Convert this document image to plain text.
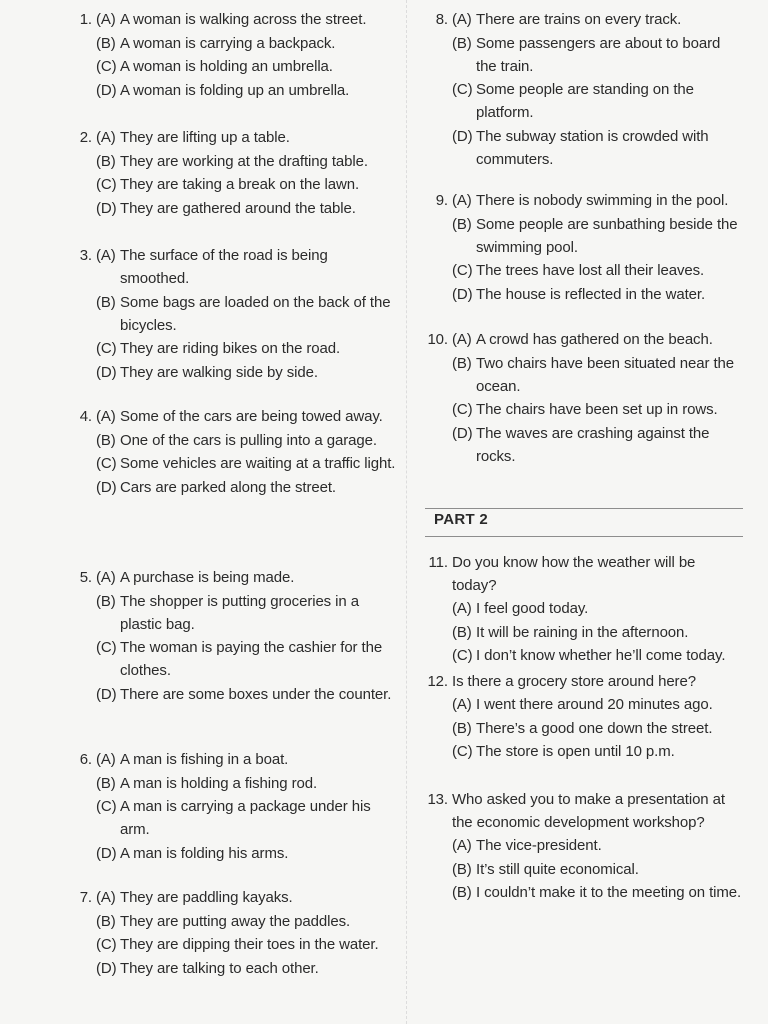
(A) A woman is walking across the street.
1.
(B) A woman is carrying a backpack.
(C) A woman is holding an umbrella.
(D) A woman is folding up an umbrella.
(A) They are lifting up a table.
2.
(B) They are working at the drafting table.
(C) They are taking a break on the lawn.
(D) They are gathered around the table.
(A) The surface of the road is being smoothed.
3.
(B) Some bags are loaded on the back of the bicycles.
(C) They are riding bikes on the road.
(D) They are walking side by side.
(A) Some of the cars are being towed away.
4.
(B) One of the cars is pulling into a garage.
(C) Some vehicles are waiting at a traffic light.
(D) Cars are parked along the street.
(A) A purchase is being made.
5.
(B) The shopper is putting groceries in a plastic bag.
(C) The woman is paying the cashier for the clothes.
(D) There are some boxes under the counter.
(A) A man is fishing in a boat.
6.
(B) A man is holding a fishing rod.
(C) A man is carrying a package under his arm.
(D) A man is folding his arms.
(A) They are paddling kayaks.
7.
(B) They are putting away the paddles.
(C) They are dipping their toes in the water.
(D) They are talking to each other.
(A) There are trains on every track.
8.
(B) Some passengers are about to board the train.
(C) Some people are standing on the platform.
(D) The subway station is crowded with commuters.
(A) There is nobody swimming in the pool.
9.
(B) Some people are sunbathing beside the swimming pool.
(C) The trees have lost all their leaves.
(D) The house is reflected in the water.
(A) A crowd has gathered on the beach.
10.
(B) Two chairs have been situated near the ocean.
(C) The chairs have been set up in rows.
(D) The waves are crashing against the rocks.
Do you know how the weather will be today?
11.
(A) I feel good today.
(B) It will be raining in the afternoon.
(C) I don’t know whether he’ll come today.
Is there a grocery store around here?
12.
(A) I went there around 20 minutes ago.
(B) There’s a good one down the street.
(C) The store is open until 10 p.m.
Who asked you to make a presentation at the economic development workshop?
13.
(A) The vice-president.
(B) It’s still quite economical.
(B) I couldn’t make it to the meeting on time.
PART 2
